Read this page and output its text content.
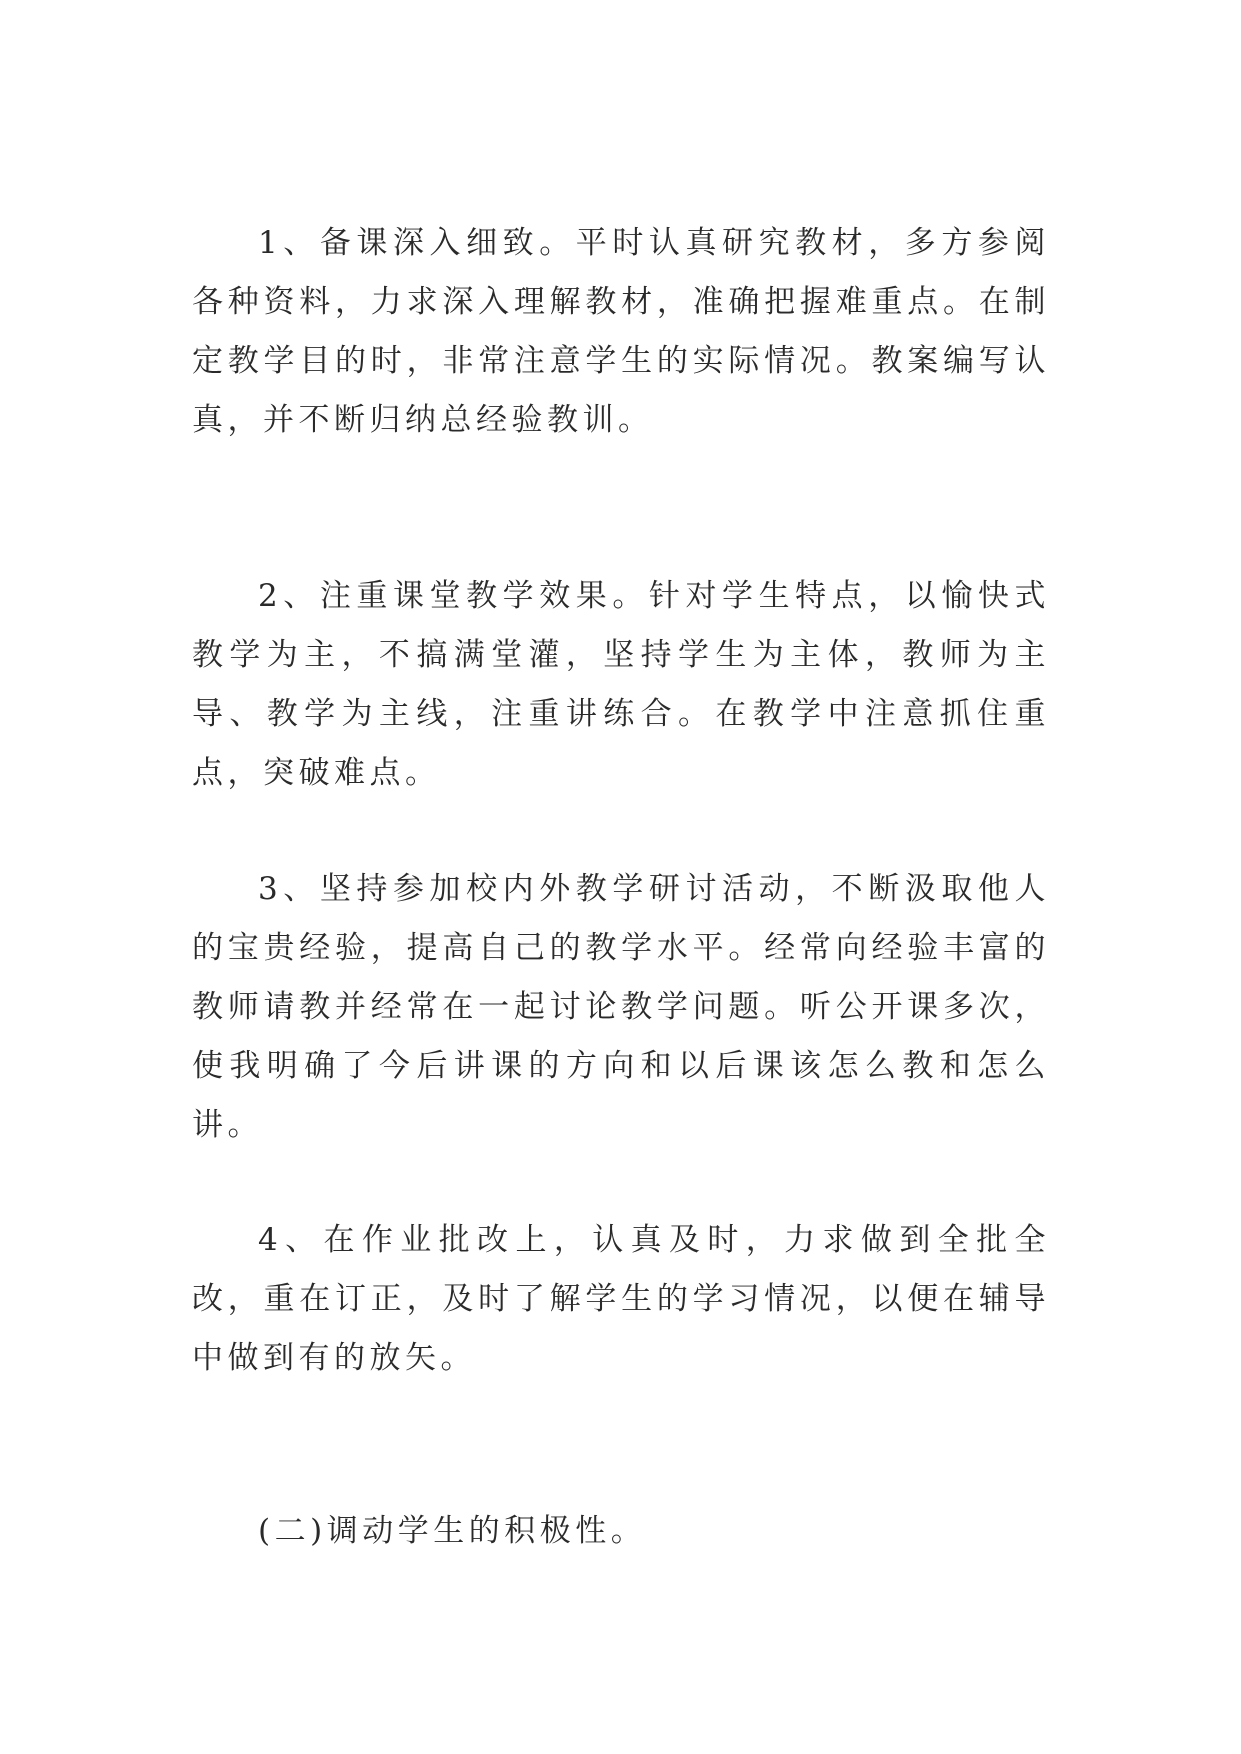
1、备课深入细致。平时认真研究教材，多方参阅各种资料，力求深入理解教材，准确把握难重点。在制定教学目的时，非常注意学生的实际情况。教案编写认真，并不断归纳总经验教训。

2、注重课堂教学效果。针对学生特点，以愉快式教学为主，不搞满堂灌，坚持学生为主体，教师为主导、教学为主线，注重讲练合。在教学中注意抓住重点，突破难点。

3、坚持参加校内外教学研讨活动，不断汲取他人的宝贵经验，提高自己的教学水平。经常向经验丰富的教师请教并经常在一起讨论教学问题。听公开课多次，使我明确了今后讲课的方向和以后课该怎么教和怎么讲。

4、在作业批改上，认真及时，力求做到全批全改，重在订正，及时了解学生的学习情况，以便在辅导中做到有的放矢。

(二)调动学生的积极性。
